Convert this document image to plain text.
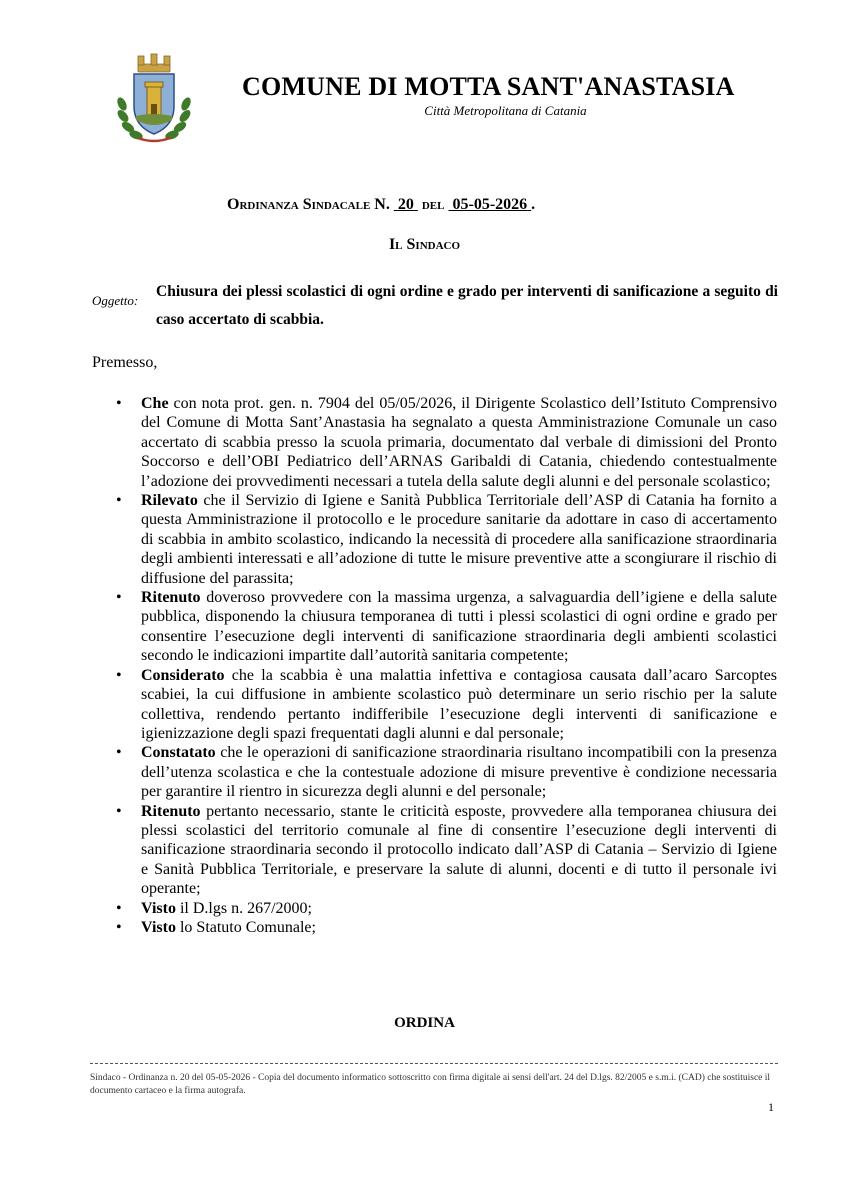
COMUNE DI MOTTA SANT'ANASTASIA
Città Metropolitana di Catania
Ordinanza Sindacale N. 20 del 05-05-2026 .
Il Sindaco
Oggetto:
Chiusura dei plessi scolastici di ogni ordine e grado per interventi di sanificazione a seguito di caso accertato di scabbia.
Premesso,
• Che con nota prot. gen. n. 7904 del 05/05/2026, il Dirigente Scolastico dell’Istituto Comprensivo del Comune di Motta Sant’Anastasia ha segnalato a questa Amministrazione Comunale un caso accertato di scabbia presso la scuola primaria, documentato dal verbale di dimissioni del Pronto Soccorso e dell’OBI Pediatrico dell’ARNAS Garibaldi di Catania, chiedendo contestualmente l’adozione dei provvedimenti necessari a tutela della salute degli alunni e del personale scolastico;
• Rilevato che il Servizio di Igiene e Sanità Pubblica Territoriale dell’ASP di Catania ha fornito a questa Amministrazione il protocollo e le procedure sanitarie da adottare in caso di accertamento di scabbia in ambito scolastico, indicando la necessità di procedere alla sanificazione straordinaria degli ambienti interessati e all’adozione di tutte le misure preventive atte a scongiurare il rischio di diffusione del parassita;
• Ritenuto doveroso provvedere con la massima urgenza, a salvaguardia dell’igiene e della salute pubblica, disponendo la chiusura temporanea di tutti i plessi scolastici di ogni ordine e grado per consentire l’esecuzione degli interventi di sanificazione straordinaria degli ambienti scolastici secondo le indicazioni impartite dall’autorità sanitaria competente;
• Considerato che la scabbia è una malattia infettiva e contagiosa causata dall’acaro Sarcoptes scabiei, la cui diffusione in ambiente scolastico può determinare un serio rischio per la salute collettiva, rendendo pertanto indifferibile l’esecuzione degli interventi di sanificazione e igienizzazione degli spazi frequentati dagli alunni e dal personale;
• Constatato che le operazioni di sanificazione straordinaria risultano incompatibili con la presenza dell’utenza scolastica e che la contestuale adozione di misure preventive è condizione necessaria per garantire il rientro in sicurezza degli alunni e del personale;
• Ritenuto pertanto necessario, stante le criticità esposte, provvedere alla temporanea chiusura dei plessi scolastici del territorio comunale al fine di consentire l’esecuzione degli interventi di sanificazione straordinaria secondo il protocollo indicato dall’ASP di Catania – Servizio di Igiene e Sanità Pubblica Territoriale, e preservare la salute di alunni, docenti e di tutto il personale ivi operante;
• Visto il D.lgs n. 267/2000;
• Visto lo Statuto Comunale;
ORDINA
Sindaco - Ordinanza n. 20 del 05-05-2026 - Copia del documento informatico sottoscritto con firma digitale ai sensi dell'art. 24 del D.lgs. 82/2005 e s.m.i. (CAD) che sostituisce il documento cartaceo e la firma autografa.
1
